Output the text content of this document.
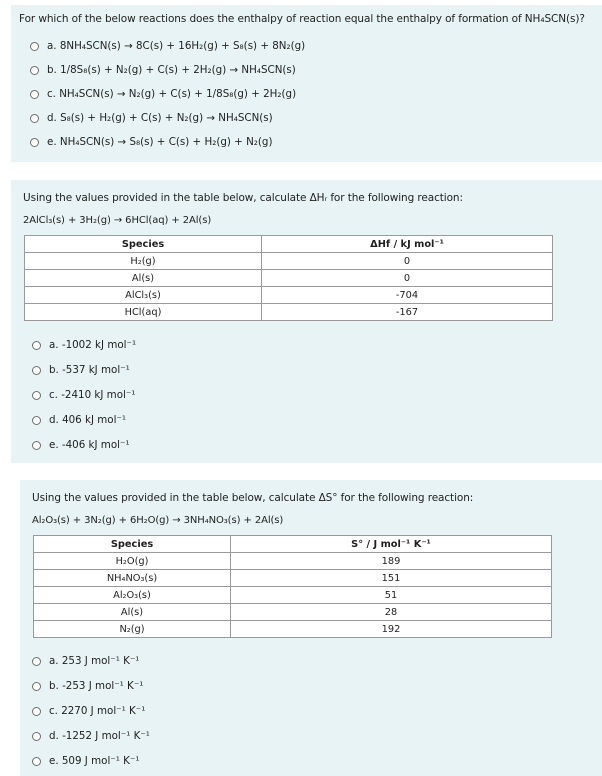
For which of the below reactions does the enthalpy of reaction equal the enthalpy of formation of NH₄SCN(s)?
a. 8NH₄SCN(s) → 8C(s) + 16H₂(g) + S₈(s) + 8N₂(g)
b. 1/8S₈(s) + N₂(g) + C(s) + 2H₂(g) → NH₄SCN(s)
c. NH₄SCN(s) → N₂(g) + C(s) + 1/8S₈(g) + 2H₂(g)
d. S₈(s) + H₂(g) + C(s) + N₂(g) → NH₄SCN(s)
e. NH₄SCN(s) → S₈(s) + C(s) + H₂(g) + N₂(g)
Using the values provided in the table below, calculate ΔHᵣ for the following reaction:
2AlCl₃(s) + 3H₂(g) → 6HCl(aq) + 2Al(s)
Species	ΔHf / kJ mol⁻¹
H₂(g)	0
Al(s)	0
AlCl₃(s)	-704
HCl(aq)	-167
a. -1002 kJ mol⁻¹
b. -537 kJ mol⁻¹
c. -2410 kJ mol⁻¹
d. 406 kJ mol⁻¹
e. -406 kJ mol⁻¹
Using the values provided in the table below, calculate ΔS° for the following reaction:
Al₂O₃(s) + 3N₂(g) + 6H₂O(g) → 3NH₄NO₃(s) + 2Al(s)
Species	S° / J mol⁻¹ K⁻¹
H₂O(g)	189
NH₄NO₃(s)	151
Al₂O₃(s)	51
Al(s)	28
N₂(g)	192
a. 253 J mol⁻¹ K⁻¹
b. -253 J mol⁻¹ K⁻¹
c. 2270 J mol⁻¹ K⁻¹
d. -1252 J mol⁻¹ K⁻¹
e. 509 J mol⁻¹ K⁻¹
